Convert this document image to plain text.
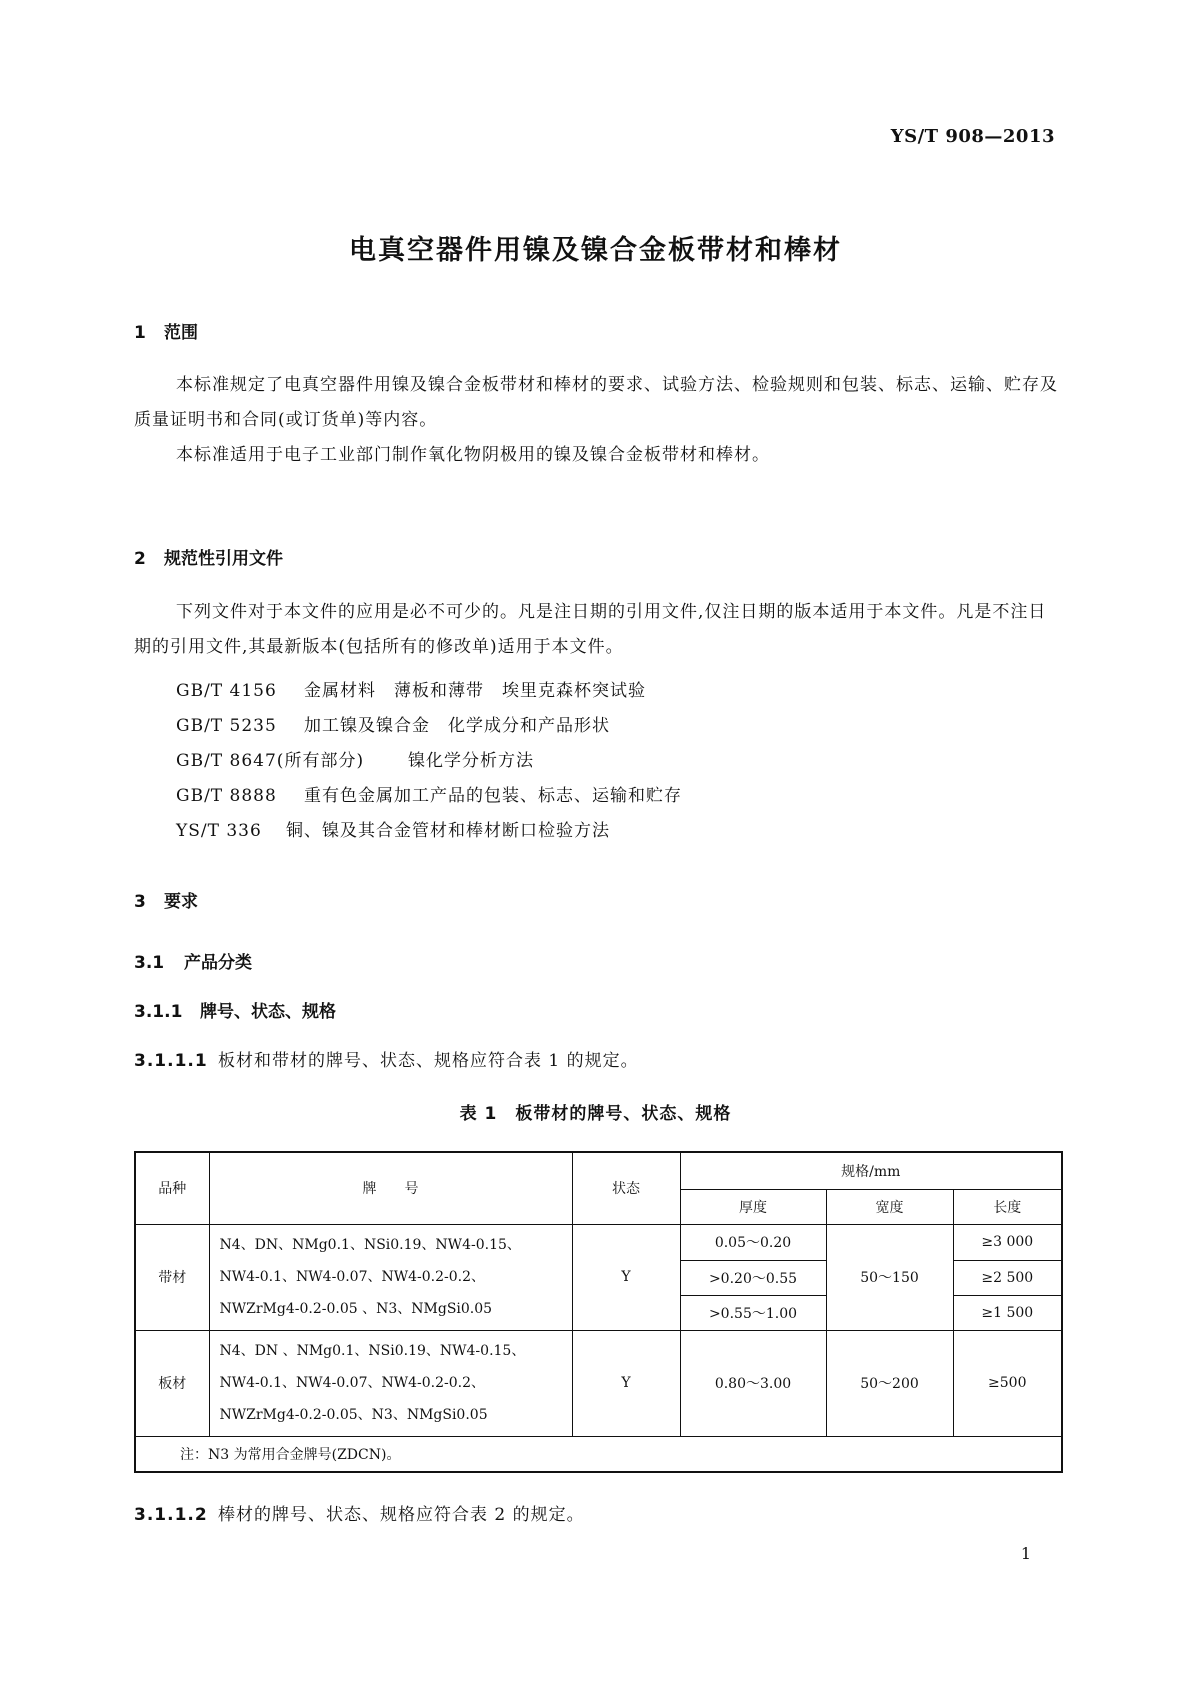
YS/T 908—2013
电真空器件用镍及镍合金板带材和棒材
1 范围
本标准规定了电真空器件用镍及镍合金板带材和棒材的要求、试验方法、检验规则和包装、标志、运输、贮存及质量证明书和合同(或订货单)等内容。
本标准适用于电子工业部门制作氧化物阴极用的镍及镍合金板带材和棒材。
2 规范性引用文件
下列文件对于本文件的应用是必不可少的。凡是注日期的引用文件,仅注日期的版本适用于本文件。凡是不注日期的引用文件,其最新版本(包括所有的修改单)适用于本文件。
GB/T 4156 金属材料　薄板和薄带　埃里克森杯突试验
GB/T 5235 加工镍及镍合金　化学成分和产品形状
GB/T 8647(所有部分)	镍化学分析方法
GB/T 8888 重有色金属加工产品的包装、标志、运输和贮存
YS/T 336 铜、镍及其合金管材和棒材断口检验方法
3 要求
3.1 产品分类
3.1.1 牌号、状态、规格
3.1.1.1 板材和带材的牌号、状态、规格应符合表 1 的规定。
表 1　板带材的牌号、状态、规格
品种	牌　　号	状态	规格/mm		
			厚度	宽度	长度
带材	N4、DN、NMg0.1、NSi0.19、NW4-0.15、
NW4-0.1、NW4-0.07、NW4-0.2-0.2、
NWZrMg4-0.2-0.05 、N3、NMgSi0.05	Y	0.05～0.20	50～150	≥3 000
			>0.20～0.55		≥2 500
			>0.55～1.00		≥1 500
板材	N4、DN 、NMg0.1、NSi0.19、NW4-0.15、
NW4-0.1、NW4-0.07、NW4-0.2-0.2、
NWZrMg4-0.2-0.05、N3、NMgSi0.05	Y	0.80～3.00	50～200	≥500
注：N3 为常用合金牌号(ZDCN)。					
3.1.1.2 棒材的牌号、状态、规格应符合表 2 的规定。
1
